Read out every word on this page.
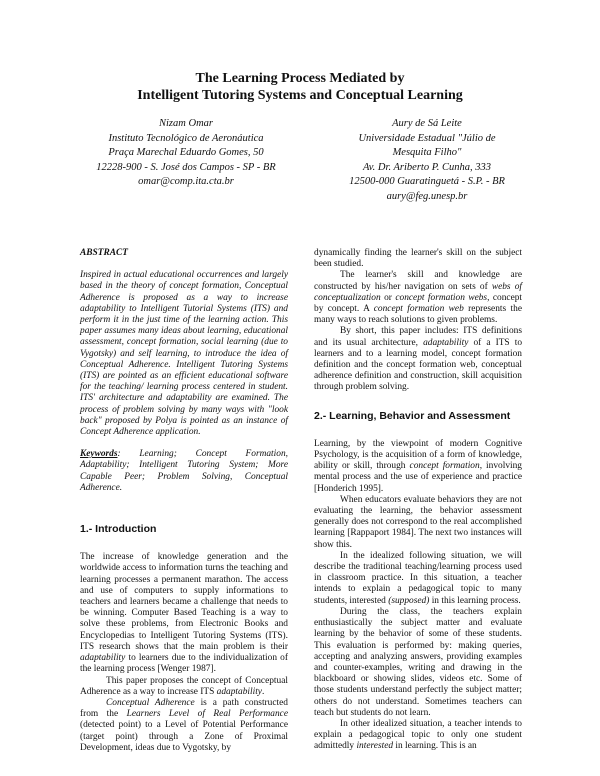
The Learning Process Mediated by
Intelligent Tutoring Systems and Conceptual Learning
Nizam Omar
Instituto Tecnológico de Aeronáutica
Praça Marechal Eduardo Gomes, 50
12228-900 - S. José dos Campos - SP - BR
omar@comp.ita.cta.br
Aury de Sá Leite
Universidade Estadual "Júlio de
Mesquita Filho"
Av. Dr. Ariberto P. Cunha, 333
12500-000 Guaratinguetá - S.P. - BR
aury@feg.unesp.br

ABSTRACT

Inspired in actual educational occurrences and largely based in the theory of concept formation, Conceptual Adherence is proposed as a way to increase adaptability to Intelligent Tutorial Systems (ITS) and perform it in the just time of the learning action. This paper assumes many ideas about learning, educational assessment, concept formation, social learning (due to Vygotsky) and self learning, to introduce the idea of Conceptual Adherence. Intelligent Tutoring Systems (ITS) are pointed as an efficient educational software for the teaching/ learning process centered in student. ITS' architecture and adaptability are examined. The process of problem solving by many ways with "look back" proposed by Polya is pointed as an instance of Concept Adherence application.

Keywords: Learning; Concept Formation, Adaptability; Intelligent Tutoring System; More Capable Peer; Problem Solving, Conceptual Adherence.

1.- Introduction

The increase of knowledge generation and the worldwide access to information turns the teaching and learning processes a permanent marathon. The access and use of computers to supply informations to teachers and learners became a challenge that needs to be winning. Computer Based Teaching is a way to solve these problems, from Electronic Books and Encyclopedias to Intelligent Tutoring Systems (ITS). ITS research shows that the main problem is their adaptability to learners due to the individualization of the learning process [Wenger 1987].

This paper proposes the concept of Conceptual Adherence as a way to increase ITS adaptability.

Conceptual Adherence is a path constructed from the Learners Level of Real Performance (detected point) to a Level of Potential Performance (target point) through a Zone of Proximal Development, ideas due to Vygotsky, by

dynamically finding the learner's skill on the subject been studied.

The learner's skill and knowledge are constructed by his/her navigation on sets of webs of conceptualization or concept formation webs, concept by concept. A concept formation web represents the many ways to reach solutions to given problems.

By short, this paper includes: ITS definitions and its usual architecture, adaptability of a ITS to learners and to a learning model, concept formation definition and the concept formation web, conceptual adherence definition and construction, skill acquisition through problem solving.

2.- Learning, Behavior and Assessment

Learning, by the viewpoint of modern Cognitive Psychology, is the acquisition of a form of knowledge, ability or skill, through concept formation, involving mental process and the use of experience and practice [Honderich 1995].

When educators evaluate behaviors they are not evaluating the learning, the behavior assessment generally does not correspond to the real accomplished learning [Rappaport 1984]. The next two instances will show this.

In the idealized following situation, we will describe the traditional teaching/learning process used in classroom practice. In this situation, a teacher intends to explain a pedagogical topic to many students, interested (supposed) in this learning process.

During the class, the teachers explain enthusiastically the subject matter and evaluate learning by the behavior of some of these students. This evaluation is performed by: making queries, accepting and analyzing answers, providing examples and counter-examples, writing and drawing in the blackboard or showing slides, videos etc. Some of those students understand perfectly the subject matter; others do not understand. Sometimes teachers can teach but students do not learn.

In other idealized situation, a teacher intends to explain a pedagogical topic to only one student admittedly interested in learning. This is an
